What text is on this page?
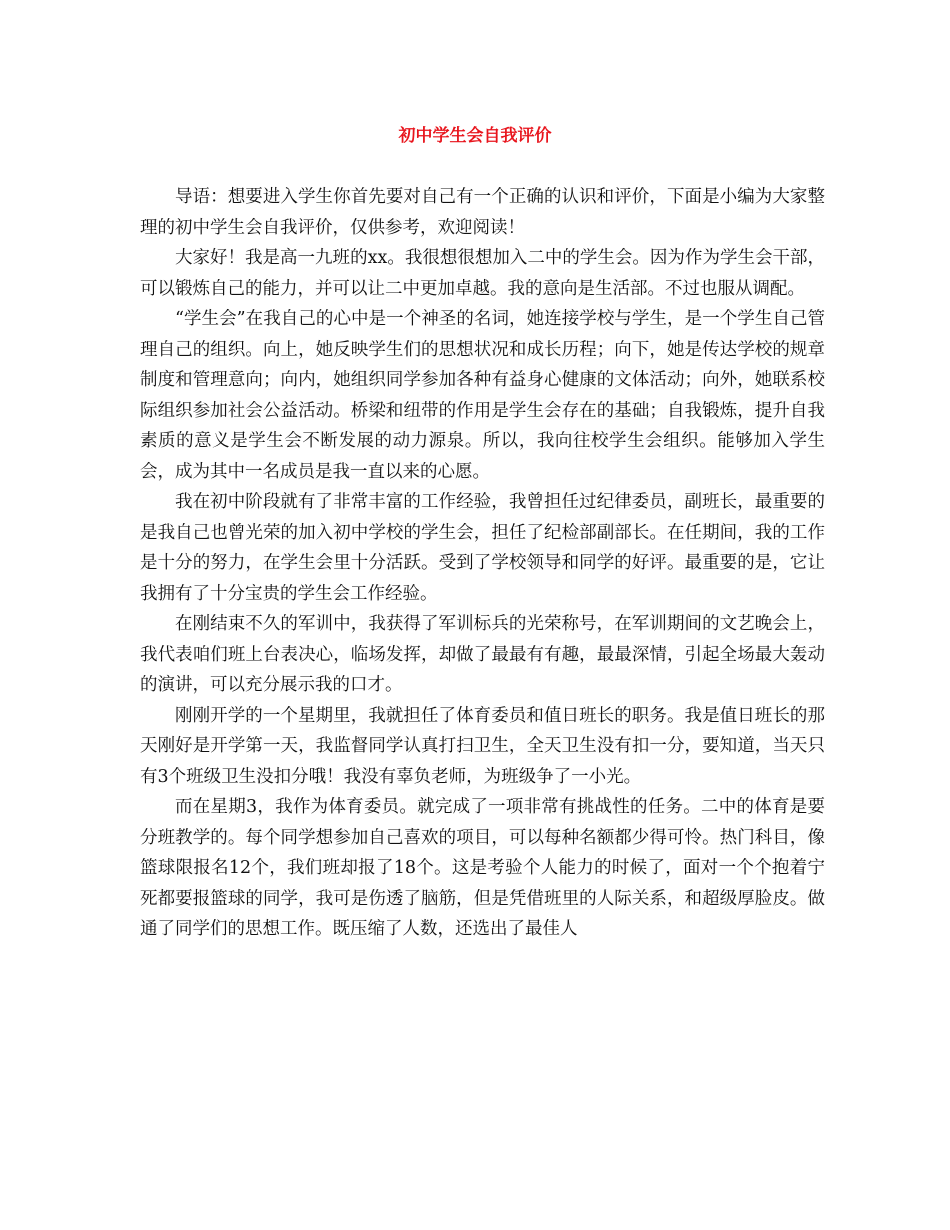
初中学生会自我评价

导语：想要进入学生你首先要对自己有一个正确的认识和评价，下面是小编为大家整理的初中学生会自我评价，仅供参考，欢迎阅读！

大家好！我是高一九班的xx。我很想很想加入二中的学生会。因为作为学生会干部，可以锻炼自己的能力，并可以让二中更加卓越。我的意向是生活部。不过也服从调配。

“学生会”在我自己的心中是一个神圣的名词，她连接学校与学生，是一个学生自己管理自己的组织。向上，她反映学生们的思想状况和成长历程；向下，她是传达学校的规章制度和管理意向；向内，她组织同学参加各种有益身心健康的文体活动；向外，她联系校际组织参加社会公益活动。桥梁和纽带的作用是学生会存在的基础；自我锻炼，提升自我素质的意义是学生会不断发展的动力源泉。所以，我向往校学生会组织。能够加入学生会，成为其中一名成员是我一直以来的心愿。

我在初中阶段就有了非常丰富的工作经验，我曾担任过纪律委员，副班长，最重要的是我自己也曾光荣的加入初中学校的学生会，担任了纪检部副部长。在任期间，我的工作是十分的努力，在学生会里十分活跃。受到了学校领导和同学的好评。最重要的是，它让我拥有了十分宝贵的学生会工作经验。

在刚结束不久的军训中，我获得了军训标兵的光荣称号，在军训期间的文艺晚会上，我代表咱们班上台表决心，临场发挥，却做了最最有有趣，最最深情，引起全场最大轰动的演讲，可以充分展示我的口才。

刚刚开学的一个星期里，我就担任了体育委员和值日班长的职务。我是值日班长的那天刚好是开学第一天，我监督同学认真打扫卫生，全天卫生没有扣一分，要知道，当天只有3个班级卫生没扣分哦！我没有辜负老师，为班级争了一小光。

而在星期3，我作为体育委员。就完成了一项非常有挑战性的任务。二中的体育是要分班教学的。每个同学想参加自己喜欢的项目，可以每种名额都少得可怜。热门科目，像篮球限报名12个，我们班却报了18个。这是考验个人能力的时候了，面对一个个抱着宁死都要报篮球的同学，我可是伤透了脑筋，但是凭借班里的人际关系，和超级厚脸皮。做通了同学们的思想工作。既压缩了人数，还选出了最佳人
